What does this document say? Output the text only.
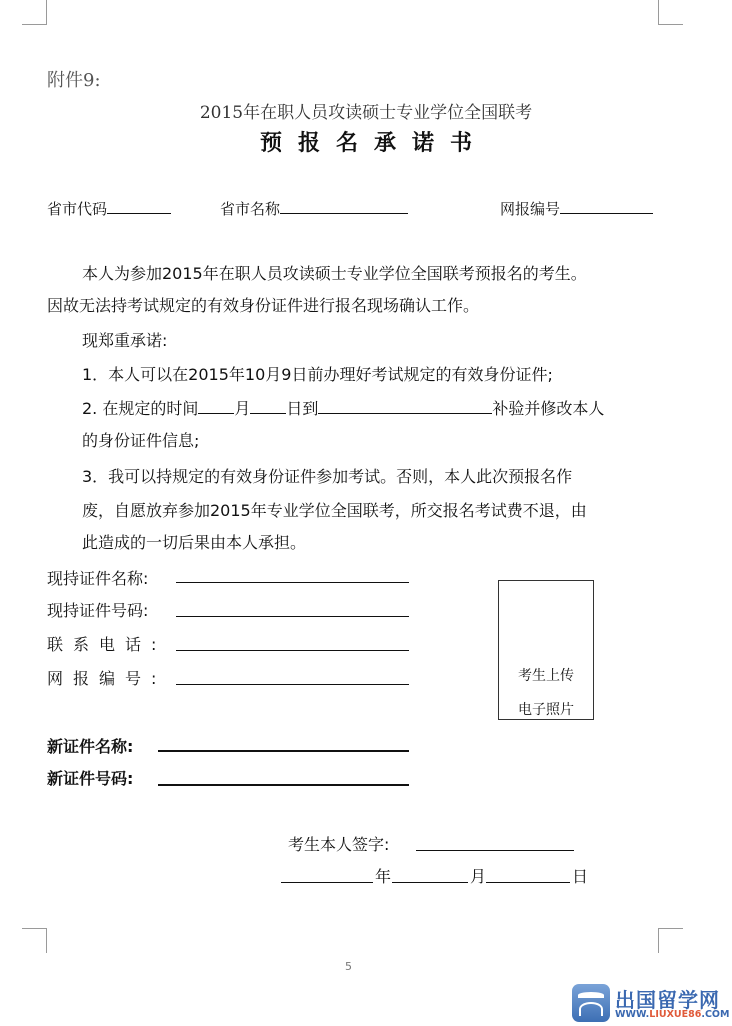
附件9:
2015年在职人员攻读硕士专业学位全国联考
预报名承诺书
省市代码	省市名称	网报编号
本人为参加2015年在职人员攻读硕士专业学位全国联考预报名的考生。
因故无法持考试规定的有效身份证件进行报名现场确认工作。
现郑重承诺:
1．本人可以在2015年10月9日前办理好考试规定的有效身份证件;
2. 在规定的时间 月 日到	补验并修改本人
的身份证件信息;
3．我可以持规定的有效身份证件参加考试。否则，本人此次预报名作
废，自愿放弃参加2015年专业学位全国联考，所交报名考试费不退，由
此造成的一切后果由本人承担。
现持证件名称:
现持证件号码:
联系电话:
网报编号:
新证件名称:
新证件号码:
考生上传
电子照片
考生本人签字:
年	月	日
5
出国留学网
WWW.LIUXUE86.COM
